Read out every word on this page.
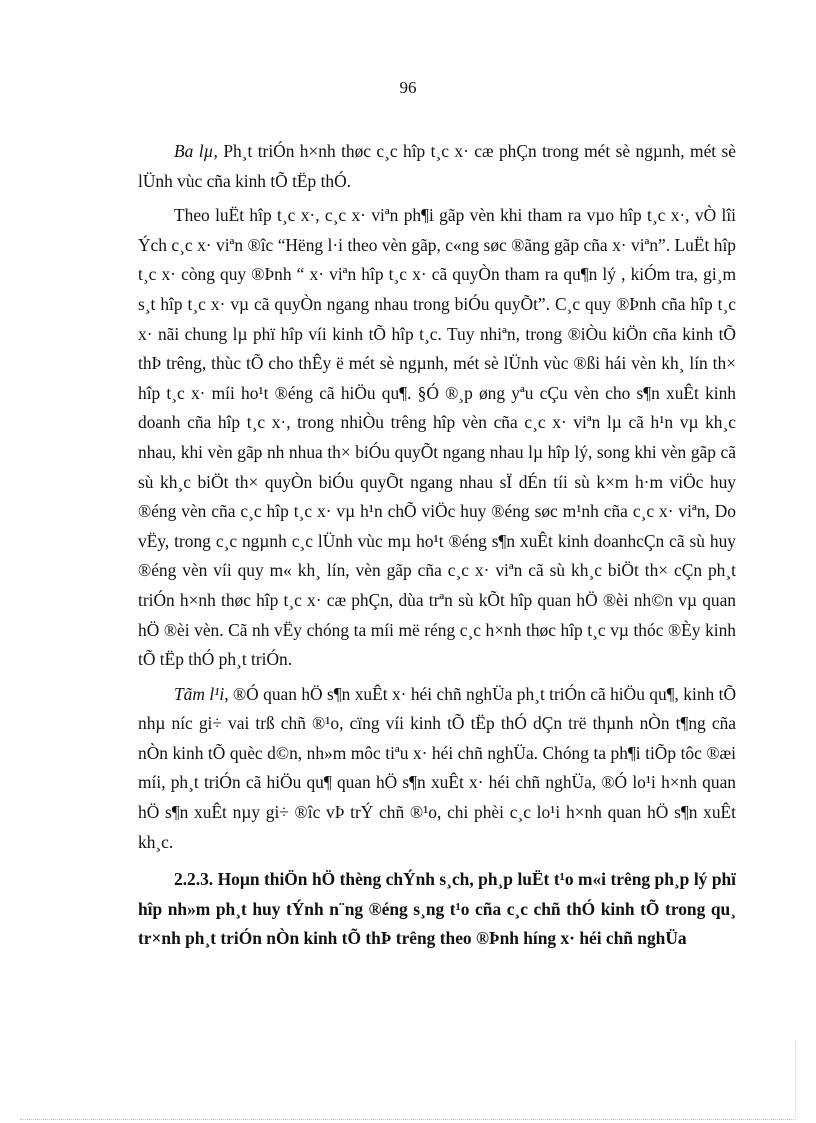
96

Ba lµ, Ph¸t triÓn h×nh thøc c¸c hîp t¸c x· cæ phÇn trong mét sè ngµnh, mét sè lÜnh vùc cña kinh tÕ tËp thÓ.

Theo luËt hîp t¸c x·, c¸c x· viªn ph¶i gãp vèn khi tham ra vµo hîp t¸c x·, vÒ lîi Ých c¸c x· viªn ®îc “Hëng l·i theo vèn gãp, c«ng søc ®ãng gãp cña x· viªn”. LuËt hîp t¸c x· còng quy ®Þnh “ x· viªn hîp t¸c x· cã quyÒn tham ra qu¶n lý , kiÓm tra, gi¸m s¸t hîp t¸c x· vµ cã quyÒn ngang nhau trong biÓu quyÕt”. C¸c quy ®Þnh cña hîp t¸c x· nãi chung lµ phï hîp víi kinh tÕ hîp t¸c. Tuy nhiªn, trong ®iÒu kiÖn cña kinh tÕ thÞ trêng, thùc tÕ cho thÊy ë mét sè ngµnh, mét sè lÜnh vùc ®ßi hái vèn kh¸ lín th× hîp t¸c x· míi ho¹t ®éng cã hiÖu qu¶. §Ó ®¸p øng yªu cÇu vèn cho s¶n xuÊt kinh doanh cña hîp t¸c x·, trong nhiÒu trêng hîp vèn cña c¸c x· viªn lµ cã h¹n vµ kh¸c nhau, khi vèn gãp nh nhua th× biÓu quyÕt ngang nhau lµ hîp lý, song khi vèn gãp cã sù kh¸c biÖt th× quyÒn biÓu quyÕt ngang nhau sÏ dÉn tíi sù k×m h·m viÖc huy ®éng vèn cña c¸c hîp t¸c x· vµ h¹n chÕ viÖc huy ®éng søc m¹nh cña c¸c x· viªn, Do vËy, trong c¸c ngµnh c¸c lÜnh vùc mµ ho¹t ®éng s¶n xuÊt kinh doanhcÇn cã sù huy ®éng vèn víi quy m« kh¸ lín, vèn gãp cña c¸c x· viªn cã sù kh¸c biÖt th× cÇn ph¸t triÓn h×nh thøc hîp t¸c x· cæ phÇn, dùa trªn sù kÕt hîp quan hÖ ®èi nh©n vµ quan hÖ ®èi vèn. Cã nh vËy chóng ta míi më réng c¸c h×nh thøc hîp t¸c vµ thóc ®Èy kinh tÕ tËp thÓ ph¸t triÓn.

Tãm l¹i, ®Ó quan hÖ s¶n xuÊt x· héi chñ nghÜa ph¸t triÓn cã hiÖu qu¶, kinh tÕ nhµ níc gi÷ vai trß chñ ®¹o, cïng víi kinh tÕ tËp thÓ dÇn trë thµnh nÒn t¶ng cña nÒn kinh tÕ quèc d©n, nh»m môc tiªu x· héi chñ nghÜa. Chóng ta ph¶i tiÕp tôc ®æi míi, ph¸t triÓn cã hiÖu qu¶ quan hÖ s¶n xuÊt x· héi chñ nghÜa, ®Ó lo¹i h×nh quan hÖ s¶n xuÊt nµy gi÷ ®îc vÞ trÝ chñ ®¹o, chi phèi c¸c lo¹i h×nh quan hÖ s¶n xuÊt kh¸c.

2.2.3. Hoµn thiÖn hÖ thèng chÝnh s¸ch, ph¸p luËt t¹o m«i trêng ph¸p lý phï hîp nh»m ph¸t huy tÝnh n¨ng ®éng s¸ng t¹o cña c¸c chñ thÓ kinh tÕ trong qu¸ tr×nh ph¸t triÓn nÒn kinh tÕ thÞ trêng theo ®Þnh híng x· héi chñ nghÜa
